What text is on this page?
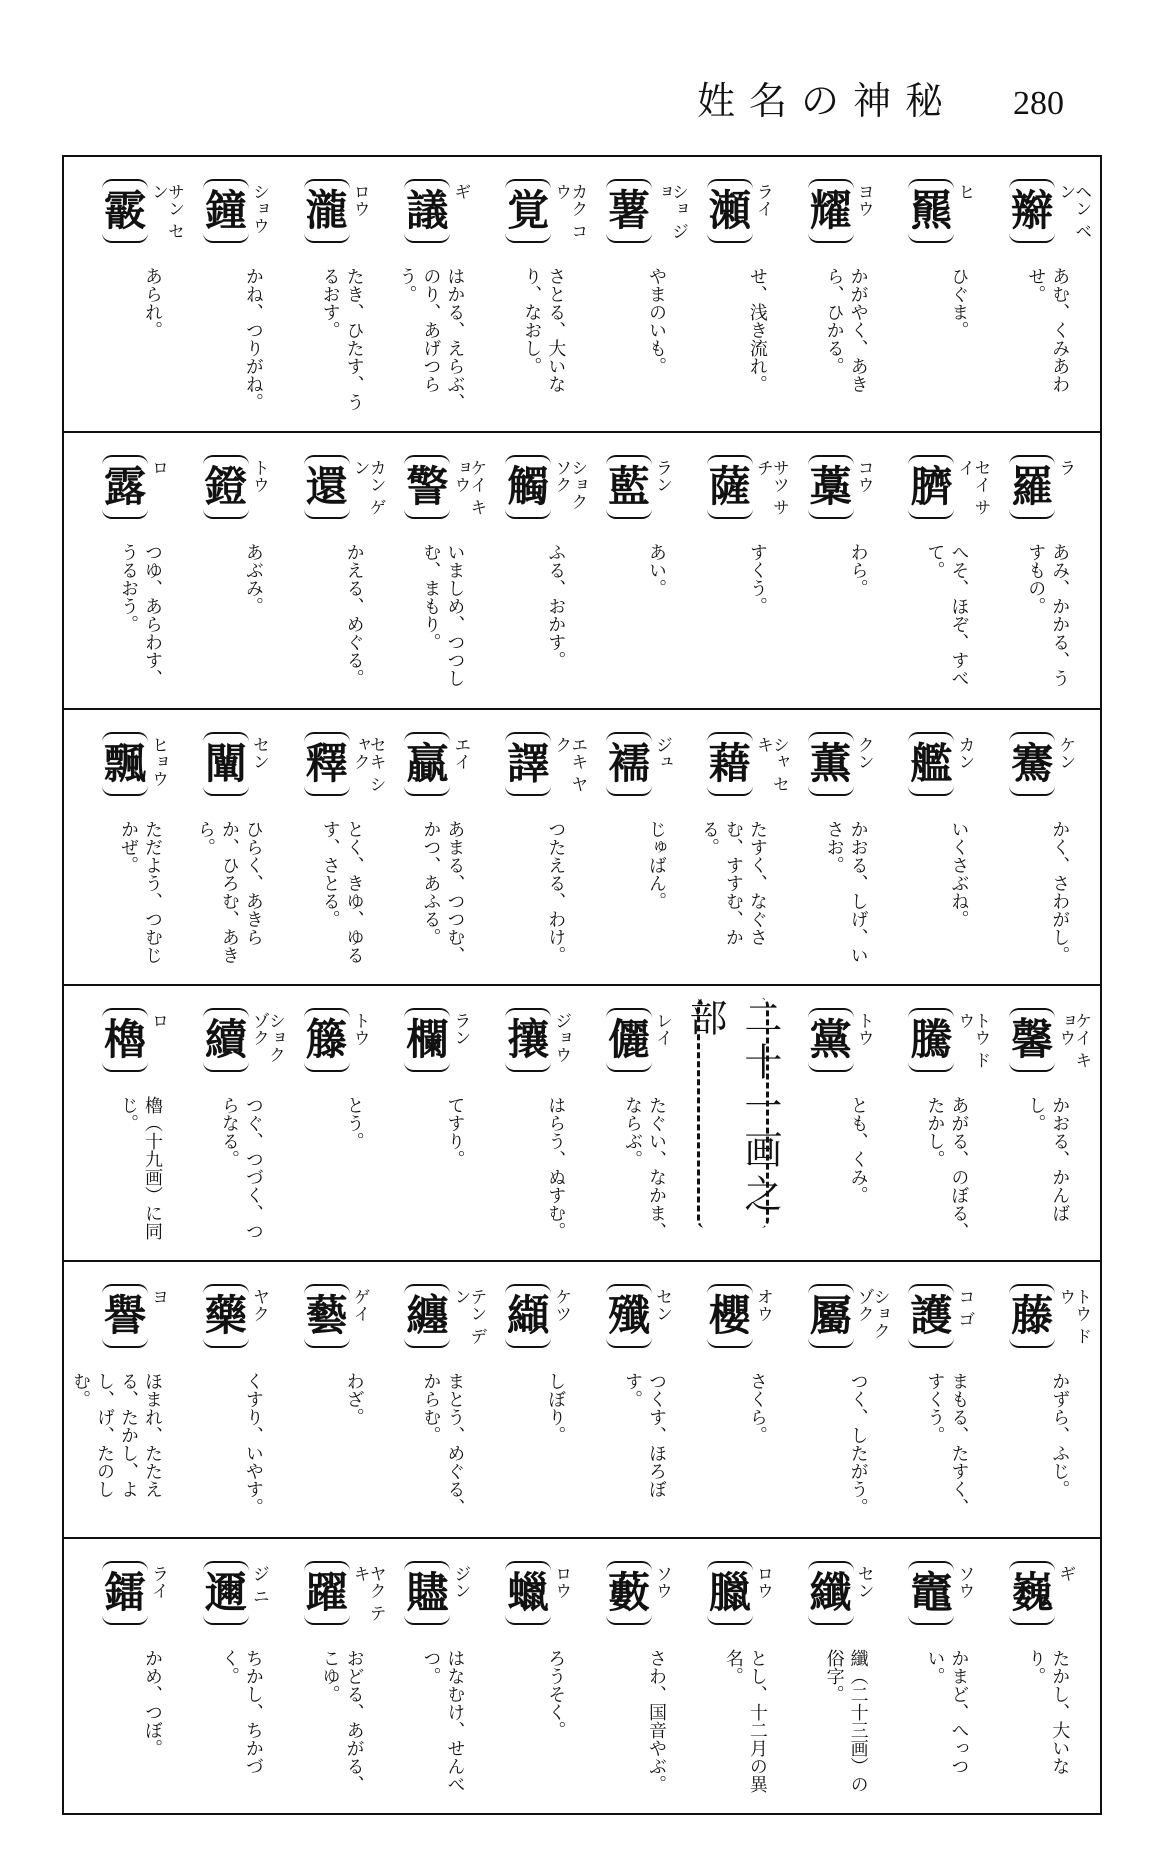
姓名の神秘 280
辮	ヘン ベン
あむ、くみあわせ。
羆 ヒ
ひぐま。
耀 ヨウ
かがやく、あきら、ひかる。
瀬 ライ
せ、浅き流れ。
薯	ショ ジョ
やまのいも。
覚	カク コウ
さとる、大いなり、なおし。
議 ギ
はかる、えらぶ、のり、あげつらう。
瀧 ロウ
たき、ひたす、うるおす。
鐘 ショウ
かね、つりがね。
霰	サン セン
あられ。
羅 ラ
あみ、かかる、うすもの。
臍	セイ サイ
へそ、ほぞ、すべて。
藁 コウ
わら。
薩	サツ サチ
すくう。
藍 ラン
あい。
觸	ショク ソク
ふる、おかす。
警	ケイ キョウ
いましめ、つつしむ、まもり。
還	カン ゲン
かえる、めぐる。
鐙 トウ
あぶみ。
露 ロ
つゆ、あらわす、うるおう。
騫 ケン
かく、さわがし。
艦 カン
いくさぶね。
薫 クン
かおる、しげ、いさお。
藉	シャ セキ
たすく、なぐさむ、すすむ、かる。
襦 ジュ
じゅばん。
譯	エキ ヤク
つたえる、わけ。
贏 エイ
あまる、つつむ、かつ、あふる。
釋	セキ シャク
とく、きゆ、ゆるす、さとる。
闡 セン
ひらく、あきらか、ひろむ、あきら。
飄 ヒョウ
ただよう、つむじかぜ。
馨	ケイ キョウ
かおる、かんばし。
騰	トウ ドウ
あがる、のぼる、たかし。
黨 トウ
とも、くみ。
二十一画之部
儷 レイ
たぐい、なかま、ならぶ。
攘 ジョウ
はらう、ぬすむ。
欄 ラン
てすり。
籐 トウ
とう。
續	ショク ゾク
つぐ、つづく、つらなる。
櫓 ロ
櫓（十九画）に同じ。
藤	トウ ドウ
かずら、ふじ。
護 コ ゴ
まもる、たすく、すくう。
屬	ショク ゾク
つく、したがう。
櫻 オウ
さくら。
殲 セン
つくす、ほろぼす。
纈 ケツ
しぼり。
纏	テン デン
まとう、めぐる、からむ。
藝 ゲイ
わざ。
藥 ヤク
くすり、いやす。
譽 ヨ
ほまれ、たたえる、たかし、よし、げ、たのしむ。
巍 ギ
たかし、大いなり。
竈 ソウ
かまど、へっつい。
纖 セン
纖（二十三画）の俗字。
臘 ロウ
とし、十二月の異名。
藪 ソウ
さわ、国音やぶ。
蠟 ロウ
ろうそく。
贐 ジン
はなむけ、せんべつ。
躍	ヤク テキ
おどる、あがる、こゆ。
邇 ジ ニ
ちかし、ちかづく。
鐳 ライ
かめ、つぼ。
